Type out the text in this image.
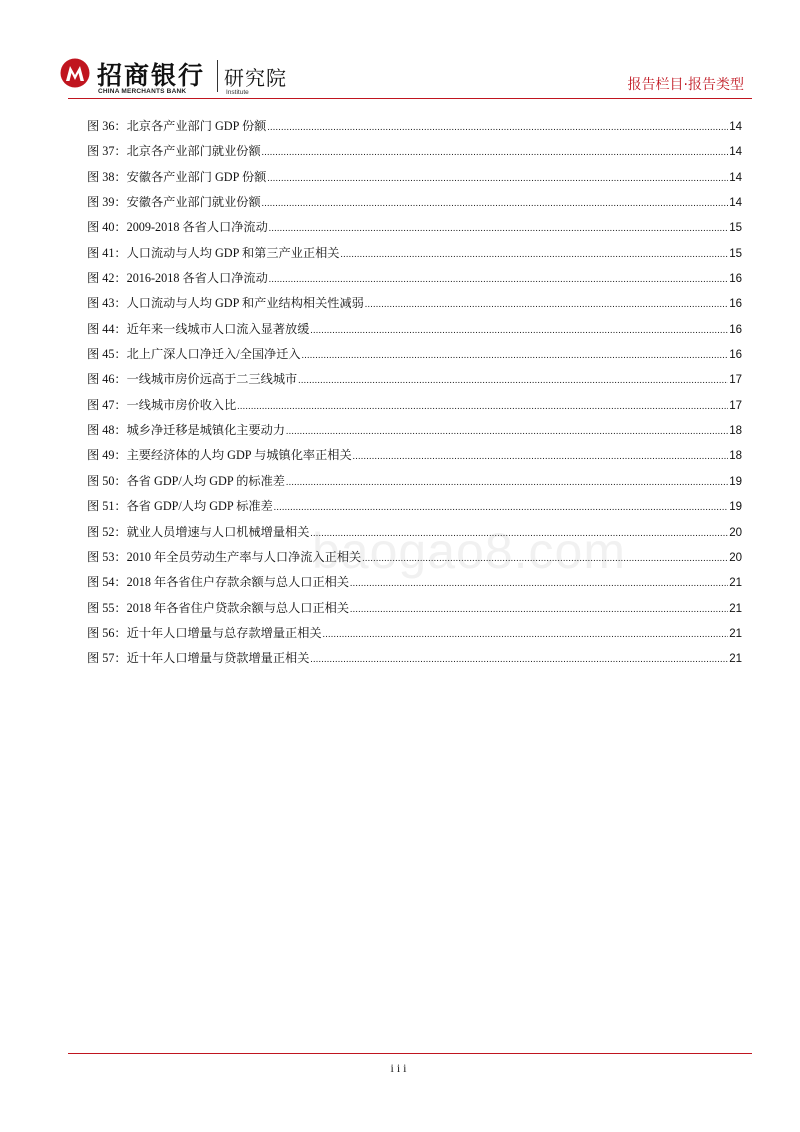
招商银行
CHINA MERCHANTS BANK
研究院
Institute	报告栏目·报告类型
图 36：北京各产业部门 GDP 份额 .....	14
图 37：北京各产业部门就业份额 .....	14
图 38：安徽各产业部门 GDP 份额 .....	14
图 39：安徽各产业部门就业份额 .....	14
图 40：2009-2018 各省人口净流动 .....	15
图 41：人口流动与人均 GDP 和第三产业正相关 .....	15
图 42：2016-2018 各省人口净流动 .....	16
图 43：人口流动与人均 GDP 和产业结构相关性减弱 .....	16
图 44：近年来一线城市人口流入显著放缓 .....	16
图 45：北上广深人口净迁入/全国净迁入 .....	16
图 46：一线城市房价远高于二三线城市 .....	17
图 47：一线城市房价收入比 .....	17
图 48：城乡净迁移是城镇化主要动力 .....	18
图 49：主要经济体的人均 GDP 与城镇化率正相关 .....	18
图 50：各省 GDP/人均 GDP 的标准差 .....	19
图 51：各省 GDP/人均 GDP 标准差 .....	19
图 52：就业人员增速与人口机械增量相关 .....	20
图 53：2010 年全员劳动生产率与人口净流入正相关 .....	20
图 54：2018 年各省住户存款余额与总人口正相关 .....	21
图 55：2018 年各省住户贷款余额与总人口正相关 .....	21
图 56：近十年人口增量与总存款增量正相关 .....	21
图 57：近十年人口增量与贷款增量正相关 .....	21
baogao8.com
iii
